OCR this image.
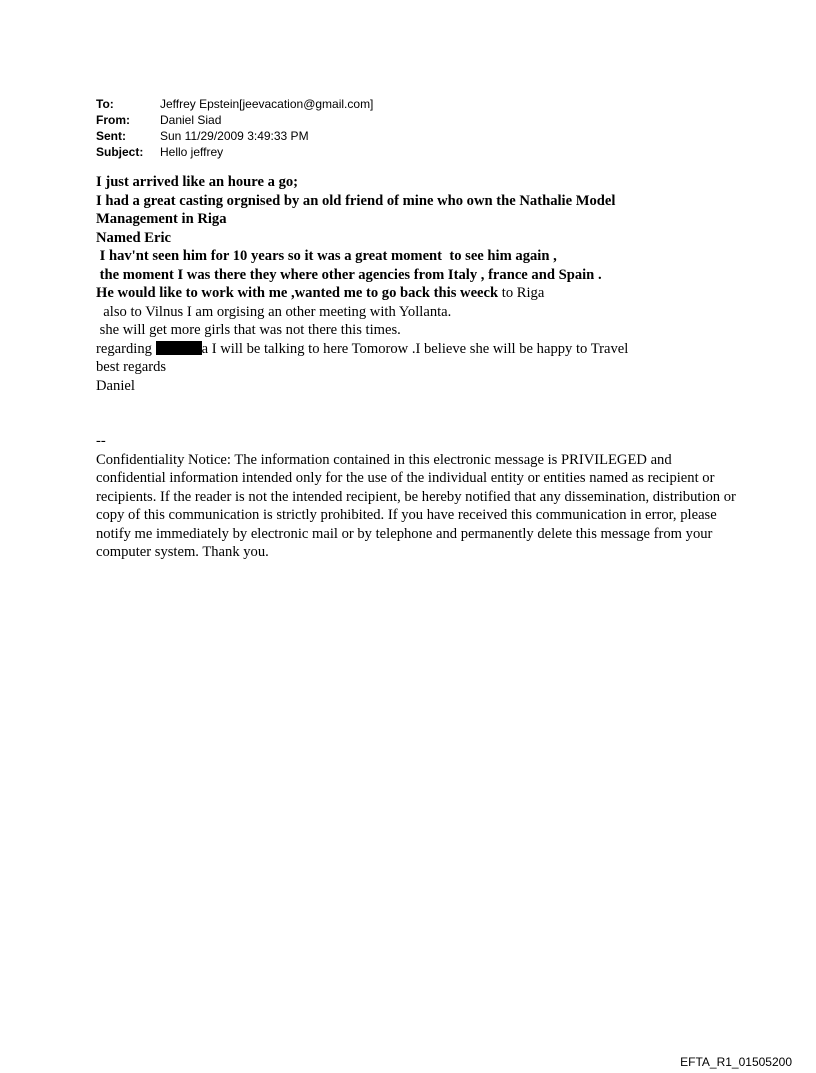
To:	Jeffrey Epstein[jeevacation@gmail.com]
From:	Daniel Siad
Sent:	Sun 11/29/2009 3:49:33 PM
Subject:	Hello jeffrey
I just arrived like an houre a go;
I had a great casting orgnised by an old friend of mine who own the Nathalie Model
Management in Riga
Named Eric
I hav'nt seen him for 10 years so it was a great moment  to see him again ,
the moment I was there they where other agencies from Italy , france and Spain .
He would like to work with me ,wanted me to go back this weeck to Riga
also to Vilnus I am orgising an other meeting with Yollanta.
she will get more girls that was not there this times.
regarding	a I will be talking to here Tomorow .I believe she will be happy to Travel
best regards
Daniel

--

Confidentiality Notice: The information contained in this electronic message is PRIVILEGED and confidential information intended only for the use of the individual entity or entities named as recipient or recipients. If the reader is not the intended recipient, be hereby notified that any dissemination, distribution or copy of this communication is strictly prohibited. If you have received this communication in error, please notify me immediately by electronic mail or by telephone and permanently delete this message from your computer system. Thank you.

EFTA_R1_01505200
